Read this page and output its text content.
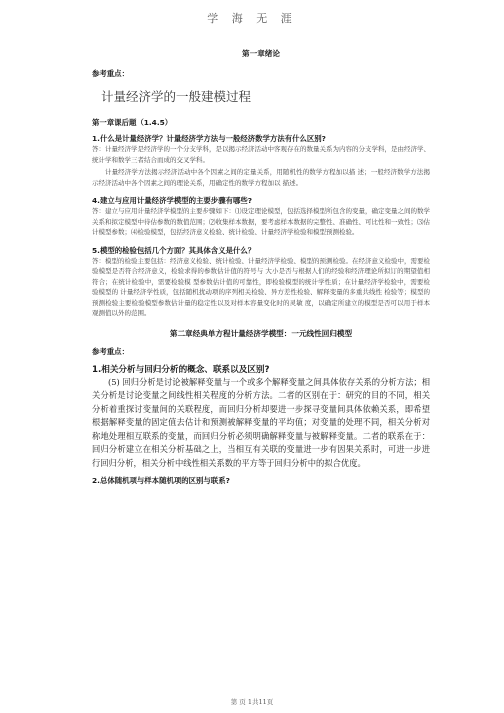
学 海 无 涯
第一章绪论
参考重点：
计量经济学的一般建模过程
第一章课后题（1.4.5）
1.什么是计量经济学？计量经济学方法与一般经济数学方法有什么区别?
答：计量经济学是经济学的一个分支学科，是以揭示经济活动中客观存在的数量关系为内容的分支学科，是由经济学、统计学和数学三者结合而成的交叉学科。
计量经济学方法揭示经济活动中各个因素之间的定量关系，用随机性的数学方程加以描 述；一般经济数学方法揭示经济活动中各个因素之间的理论关系，用确定性的数学方程加以 描述。
4.建立与应用计量经济学模型的主要步骤有哪些?
答：建立与应用计量经济学模型的主要步骤如下：⑴设定理论模型，包括选择模型所包含的变量，确定变量之间的数学关系和拟定模型中待估参数的数值范围；⑵收集样本数据，要考虑样本数据的完整性、准确性、可比性和一致性；⑶估计模型参数；⑷检验模型，包括经济意义检验、统计检验、计量经济学检验和模型预测检验。
5.模型的检验包括几个方面？其具体含义是什么？
答：模型的检验主要包括：经济意义检验、统计检验、计量经济学检验、模型的预测检验。在经济意义检验中，需要检验模型是否符合经济意义，检验求得的参数估计值的符号与 大小是否与根据人们的经验和经济理论所拟订的期望值相符合；在统计检验中，需要检验模 型参数估计值的可靠性，即检验模型的统计学性质；在计量经济学检验中，需要检验模型的 计量经济学性质，包括随机扰动项的序列相关检验、异方差性检验、解释变量的多重共线性 检验等；模型的预测检验主要检验模型参数估计量的稳定性以及对样本容量变化时的灵敏 度，以确定所建立的模型是否可以用于样本观测值以外的范围。
第二章经典单方程计量经济学模型：一元线性回归模型
参考重点：
1.相关分析与回归分析的概念、联系以及区别?
(5) 回归分析是讨论被解释变量与一个或多个解释变量之间具体依存关系的分析方法；相关分析是讨论变量之间线性相关程度的分析方法。二者的区别在于：研究的目的不同，相关分析着重探讨变量间的关联程度，而回归分析却要进一步探寻变量间具体依赖关系，即希望根据解释变量的固定值去估计和预测被解释变量的平均值；对变量的处理不同，相关分析对称地处理相互联系的变量，而回归分析必须明确解释变量与被解释变量。二者的联系在于：回归分析建立在相关分析基础之上，当相互有关联的变量进一步有因果关系时，可进一步进行回归分析，相关分析中线性相关系数的平方等于回归分析中的拟合优度。
2.总体随机项与样本随机项的区别与联系?
第 页 1共11页
